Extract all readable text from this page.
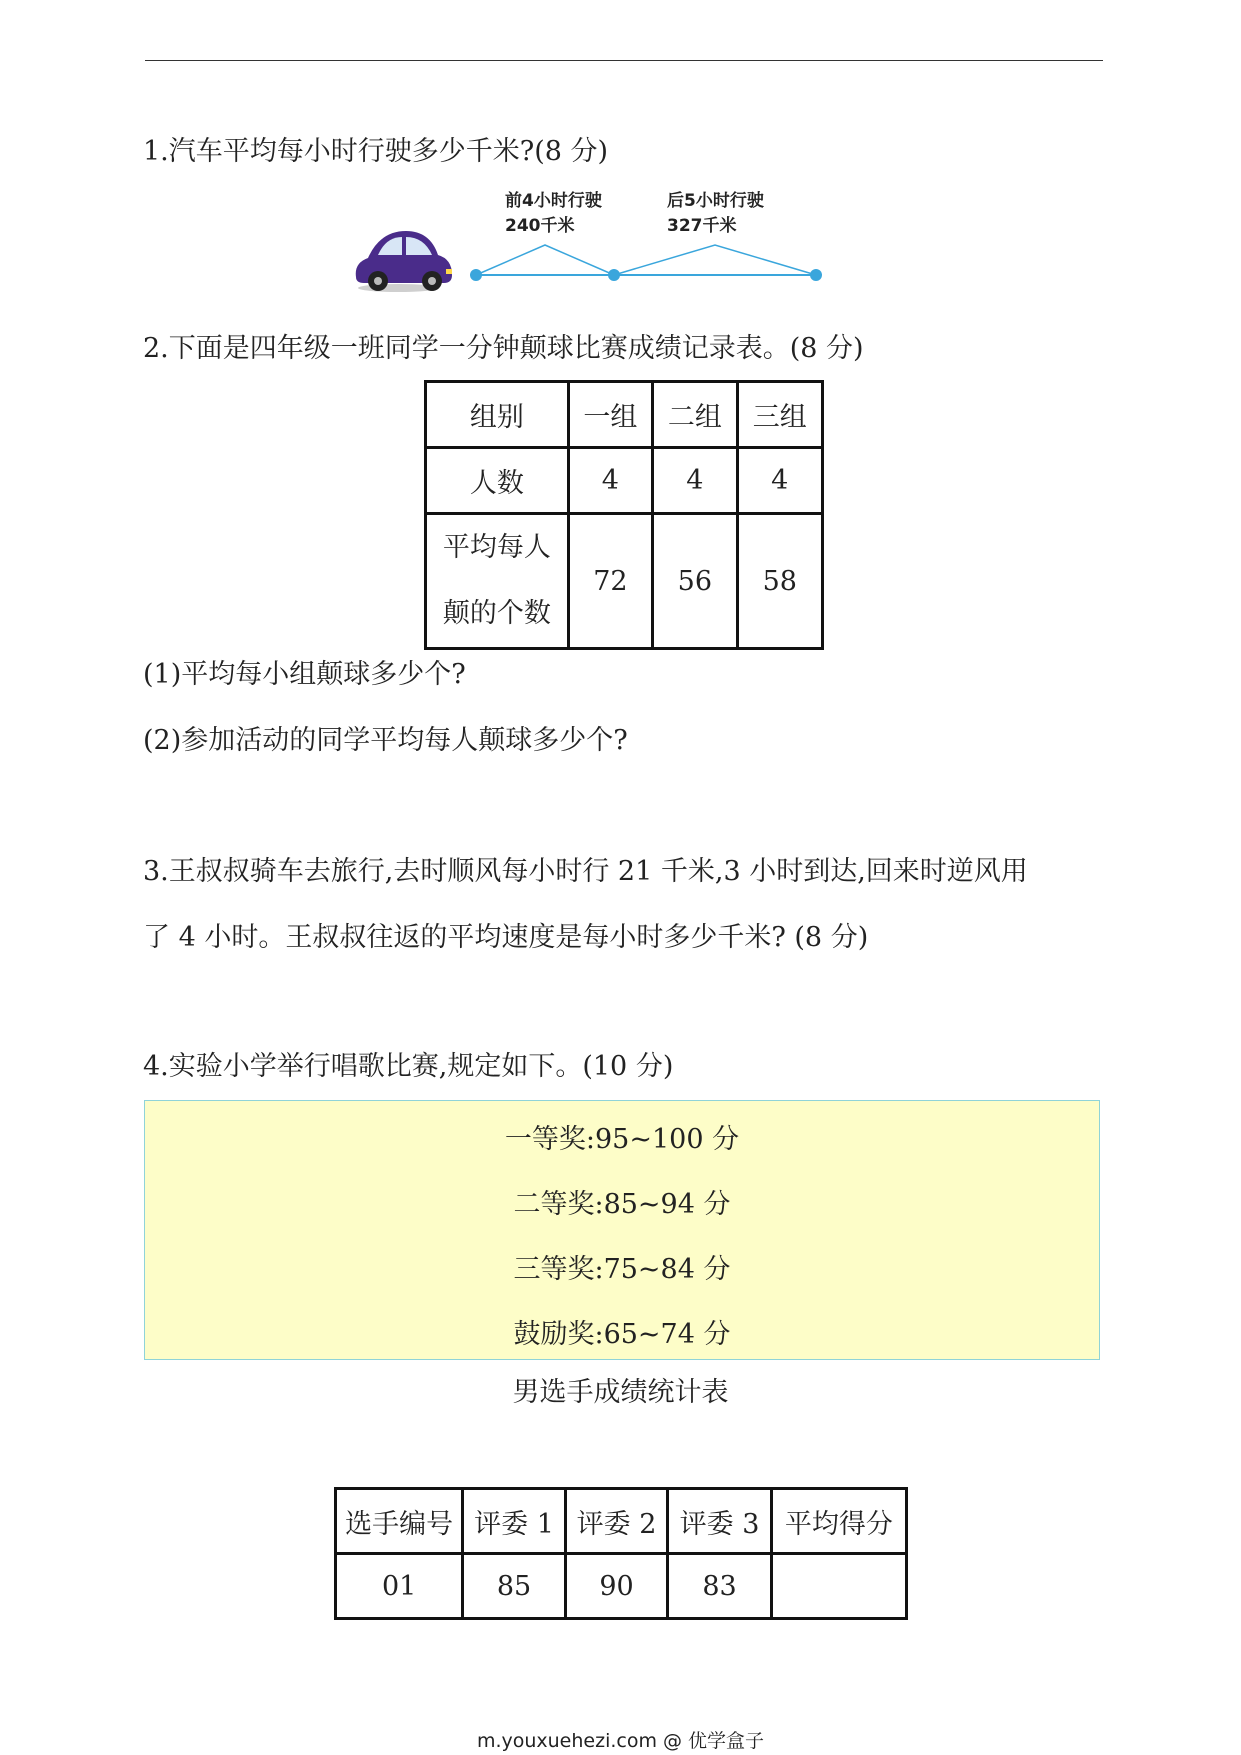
1.汽车平均每小时行驶多少千米?(8 分)
前4小时行驶
240千米
后5小时行驶
327千米
2.下面是四年级一班同学一分钟颠球比赛成绩记录表。(8 分)
组别	一组	二组	三组
人数	4	4	4

平均每人
颠的个数	72	56	58
(1)平均每小组颠球多少个?
(2)参加活动的同学平均每人颠球多少个?
3.王叔叔骑车去旅行,去时顺风每小时行 21 千米,3 小时到达,回来时逆风用
了 4 小时。王叔叔往返的平均速度是每小时多少千米? (8 分)
4.实验小学举行唱歌比赛,规定如下。(10 分)
一等奖:95~100 分
二等奖:85~94 分
三等奖:75~84 分
鼓励奖:65~74 分
男选手成绩统计表
选手编号	评委 1	评委 2	评委 3	平均得分
01	85	90	83	
m.youxuehezi.com @ 优学盒子
